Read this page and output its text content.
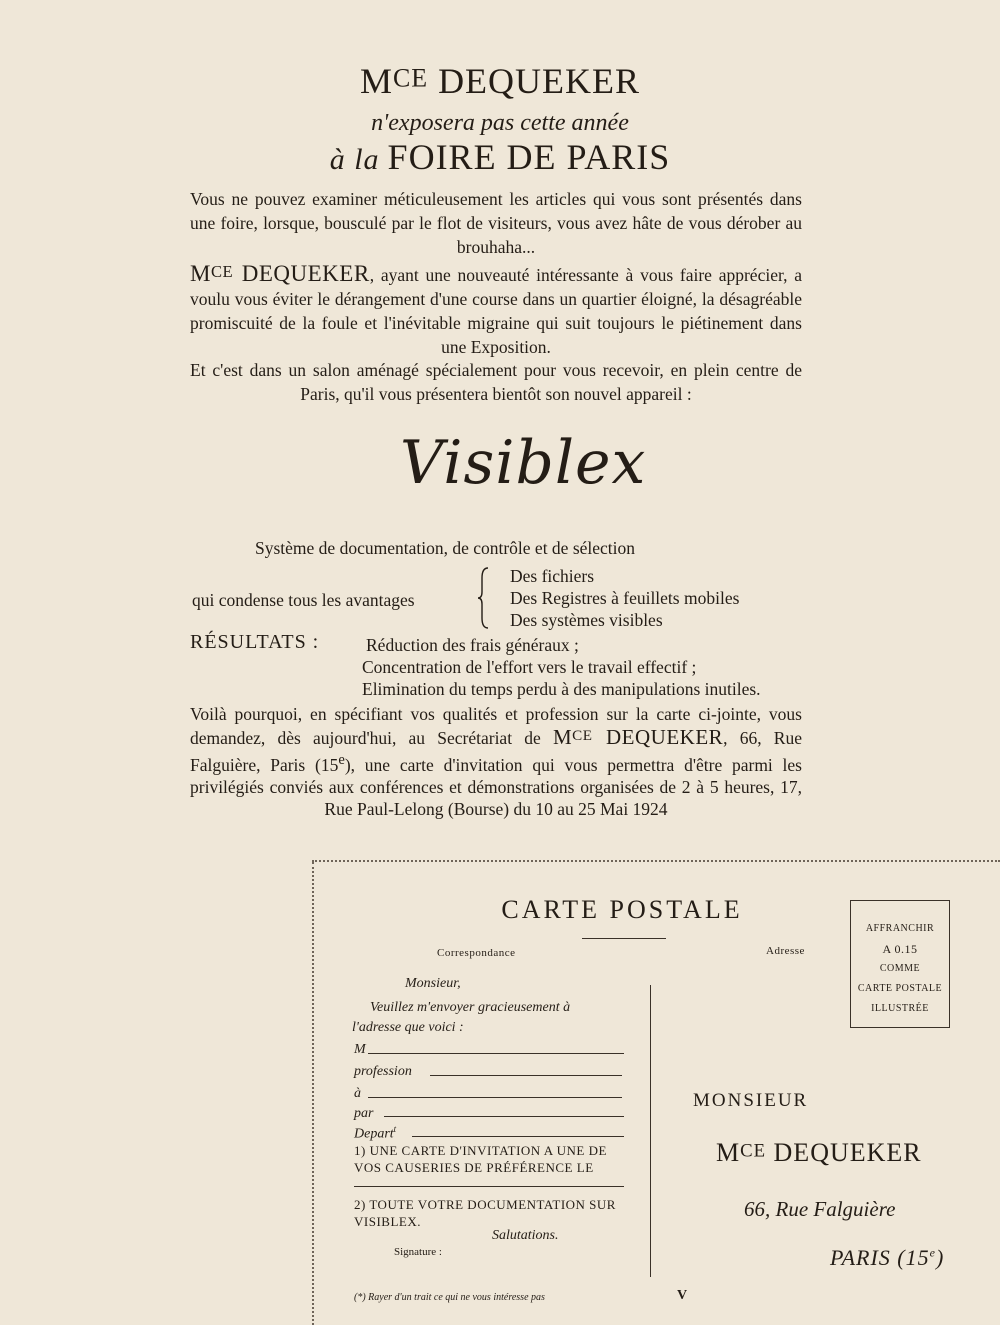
MCE DEQUEKER
n'exposera pas cette année
à la FOIRE DE PARIS
Vous ne pouvez examiner méticuleusement les articles qui vous sont présentés dans une foire, lorsque, bousculé par le flot de visiteurs, vous avez hâte de vous dérober au brouhaha...
MCE DEQUEKER, ayant une nouveauté intéressante à vous faire apprécier, a voulu vous éviter le dérangement d'une course dans un quartier éloigné, la désagréable promiscuité de la foule et l'inévitable migraine qui suit toujours le piétinement dans une Exposition.
Et c'est dans un salon aménagé spécialement pour vous recevoir, en plein centre de Paris, qu'il vous présentera bientôt son nouvel appareil :
Visiblex
Système de documentation, de contrôle et de sélection
qui condense tous les avantages
Des fichiers
Des Registres à feuillets mobiles
Des systèmes visibles
RÉSULTATS :	Réduction des frais généraux ;
Concentration de l'effort vers le travail effectif ;
Elimination du temps perdu à des manipulations inutiles.
Voilà pourquoi, en spécifiant vos qualités et profession sur la carte ci-jointe, vous demandez, dès aujourd'hui, au Secrétariat de MCE DEQUEKER, 66, Rue Falguière, Paris (15e), une carte d'invitation qui vous permettra d'être parmi les privilégiés conviés aux conférences et démonstrations organisées de 2 à 5 heures, 17, Rue Paul-Lelong (Bourse) du 10 au 25 Mai 1924
CARTE POSTALE
Correspondance	Adresse
AFFRANCHIR
A 0.15
COMME
CARTE POSTALE
ILLUSTRÉE
Monsieur,
Veuillez m'envoyer gracieusement à
l'adresse que voici :
M
profession
à
par
Depart$^t$
1) UNE CARTE D'INVITATION A UNE DE VOS CAUSERIES DE PRÉFÉRENCE LE
2) TOUTE VOTRE DOCUMENTATION SUR VISIBLEX.
Salutations.
Signature :
(*) Rayer d'un trait ce qui ne vous intéresse pas
MONSIEUR
MCE DEQUEKER
66, Rue Falguière
PARIS (15e)
V
